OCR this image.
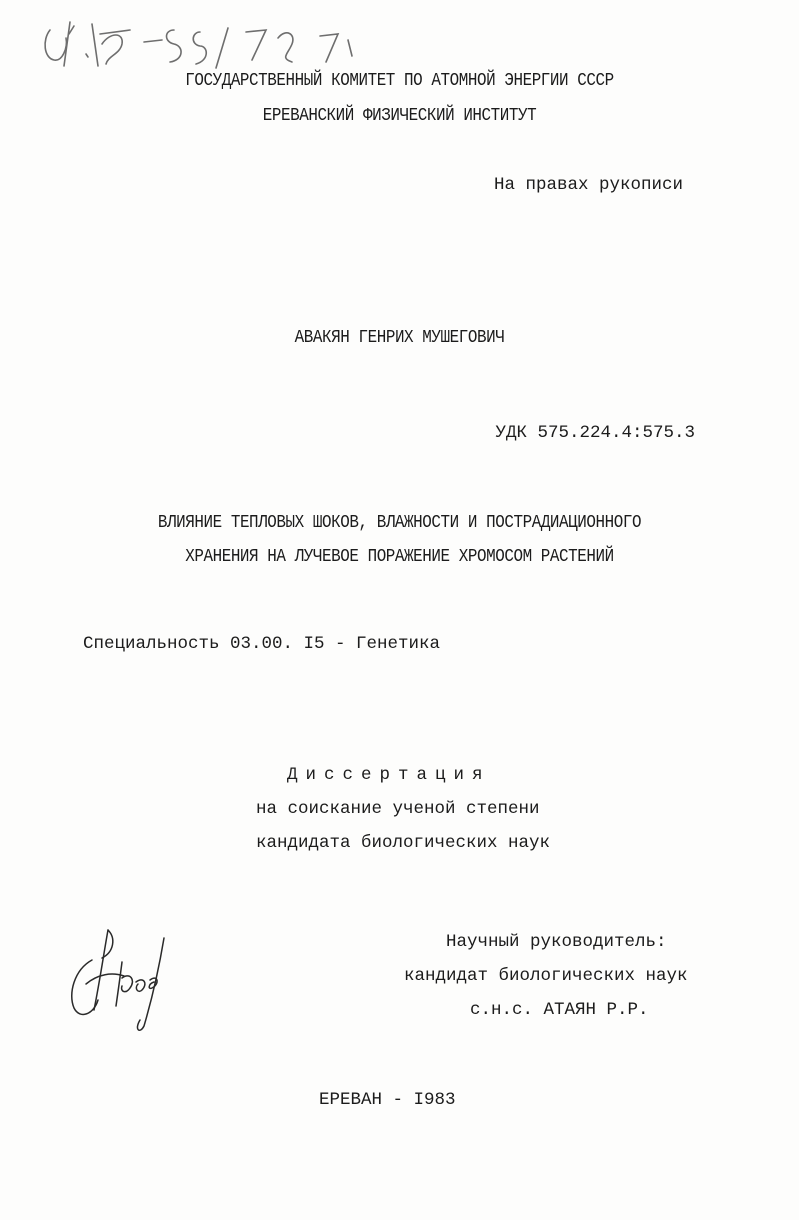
ГОСУДАРСТВЕННЫЙ КОМИТЕТ ПО АТОМНОЙ ЭНЕРГИИ СССР
ЕРЕВАНСКИЙ ФИЗИЧЕСКИЙ ИНСТИТУТ
На правах рукописи
АВАКЯН ГЕНРИХ МУШЕГОВИЧ
УДК 575.224.4:575.3
ВЛИЯНИЕ ТЕПЛОВЫХ ШОКОВ, ВЛАЖНОСТИ И ПОСТРАДИАЦИОННОГО
ХРАНЕНИЯ НА ЛУЧЕВОЕ ПОРАЖЕНИЕ ХРОМОСОМ РАСТЕНИЙ
Специальность 03.00. I5 - Генетика
Диссертация
на соискание ученой степени
кандидата биологических наук
Научный руководитель:
кандидат биологических наук
с.н.с. АТАЯН Р.Р.
ЕРЕВАН - I983
